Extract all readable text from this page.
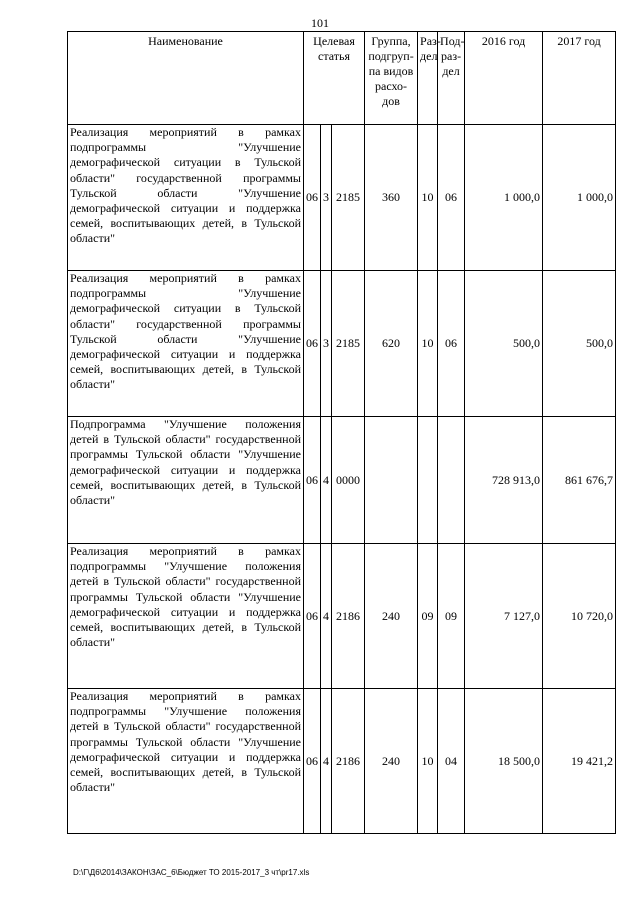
101
Наименование	Целевая статья			Группа, подгруп-па видов расхо-дов	Раз-дел	Под-раз-дел	2016 год	2017 год
Реализация мероприятий в рамках подпрограммы "Улучшение демографической ситуации в Тульской области" государственной программы Тульской области "Улучшение демографической ситуации и поддержка семей, воспитывающих детей, в Тульской области"	06	3	2185	360	10	06	1 000,0	1 000,0
Реализация мероприятий в рамках подпрограммы "Улучшение демографической ситуации в Тульской области" государственной программы Тульской области "Улучшение демографической ситуации и поддержка семей, воспитывающих детей, в Тульской области"	06	3	2185	620	10	06	500,0	500,0
Подпрограмма "Улучшение положения детей в Тульской области" государственной программы Тульской области "Улучшение демографической ситуации и поддержка семей, воспитывающих детей, в Тульской области"	06	4	0000				728 913,0	861 676,7
Реализация мероприятий в рамках подпрограммы "Улучшение положения детей в Тульской области" государственной программы Тульской области "Улучшение демографической ситуации и поддержка семей, воспитывающих детей, в Тульской области"	06	4	2186	240	09	09	7 127,0	10 720,0
Реализация мероприятий в рамках подпрограммы "Улучшение положения детей в Тульской области" государственной программы Тульской области "Улучшение демографической ситуации и поддержка семей, воспитывающих детей, в Тульской области"	06	4	2186	240	10	04	18 500,0	19 421,2
D:\Г\Д6\2014\ЗАКОН\ЗАС_6\Бюджет ТО 2015-2017_3 чт\pr17.xls
